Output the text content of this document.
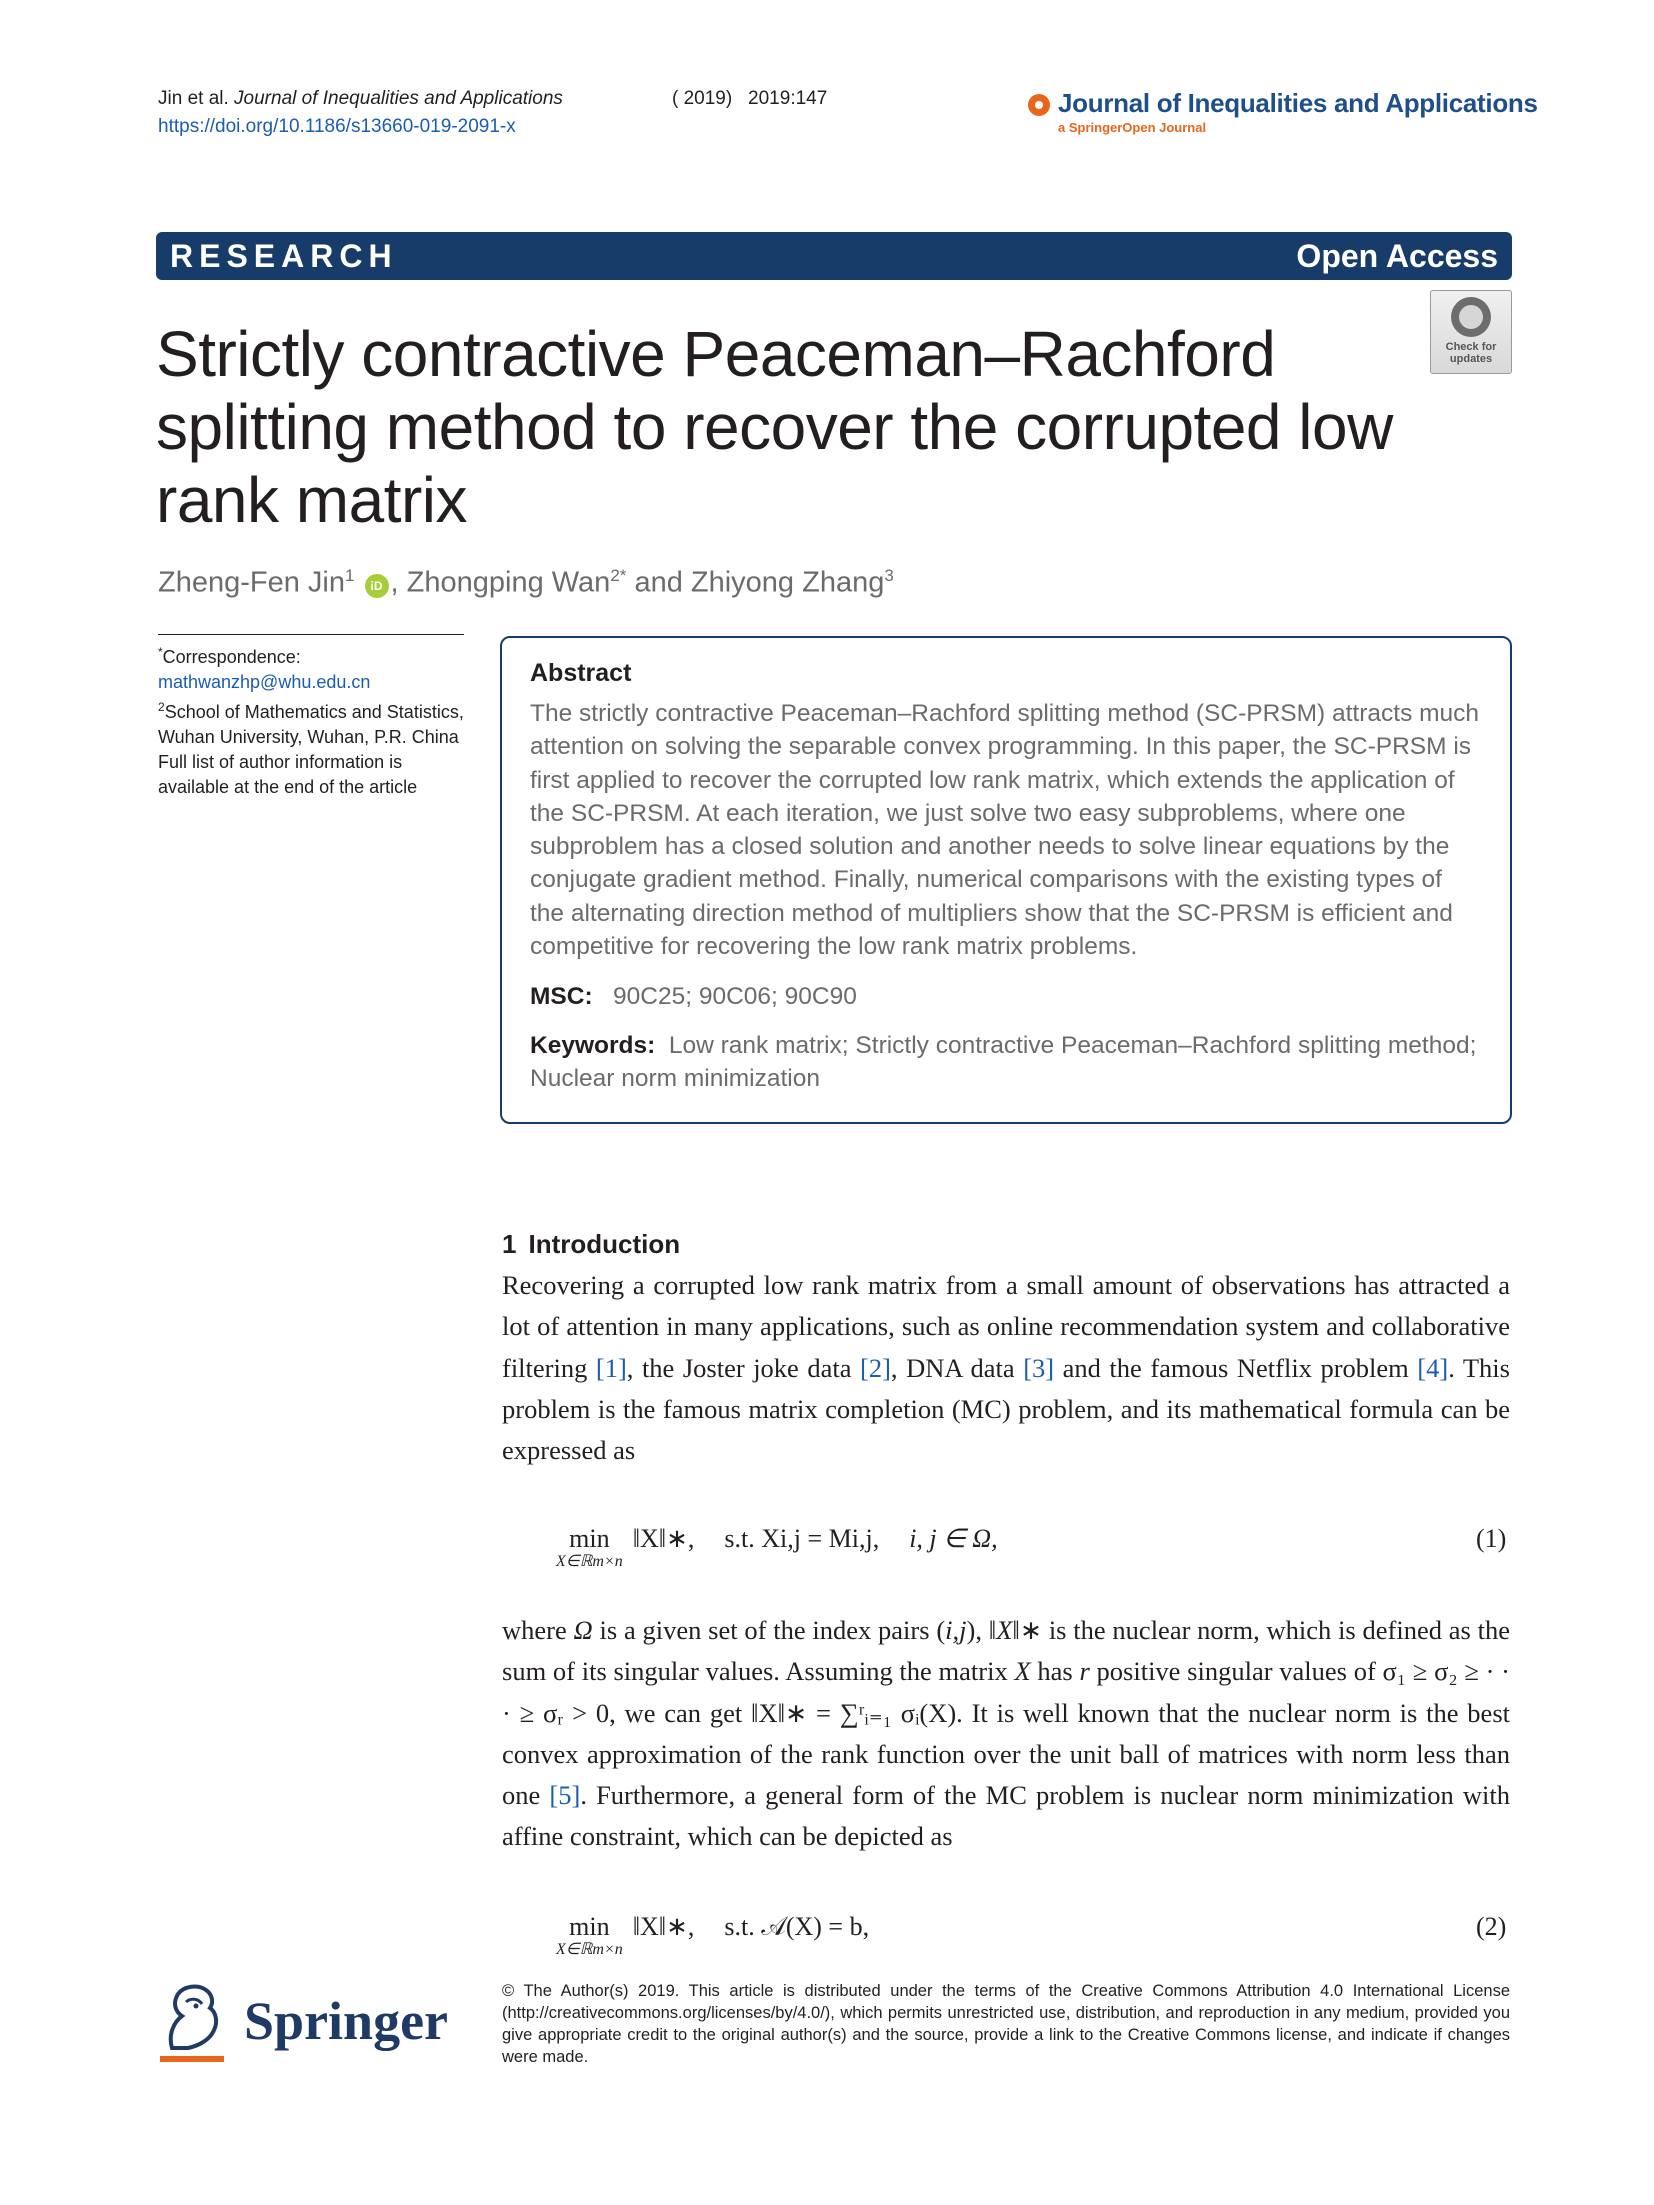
Jin et al. Journal of Inequalities and Applications	( 2019) 2019:147
https://doi.org/10.1186/s13660-019-2091-x
Journal of Inequalities and Applications
a SpringerOpen Journal
RESEARCH	Open Access
Check for
updates
Strictly contractive Peaceman–Rachford splitting method to recover the corrupted low rank matrix
Zheng-Fen Jin$^1$ iD , Zhongping Wan$^{2*}$ and Zhiyong Zhang$^3$
*Correspondence:
mathwanzhp@whu.edu.cn
$^2$School of Mathematics and Statistics, Wuhan University, Wuhan, P.R. China
Full list of author information is available at the end of the article
Abstract
The strictly contractive Peaceman–Rachford splitting method (SC-PRSM) attracts much attention on solving the separable convex programming. In this paper, the SC-PRSM is first applied to recover the corrupted low rank matrix, which extends the application of the SC-PRSM. At each iteration, we just solve two easy subproblems, where one subproblem has a closed solution and another needs to solve linear equations by the conjugate gradient method. Finally, numerical comparisons with the existing types of the alternating direction method of multipliers show that the SC-PRSM is efficient and competitive for recovering the low rank matrix problems.
MSC: 90C25; 90C06; 90C90
Keywords: Low rank matrix; Strictly contractive Peaceman–Rachford splitting method; Nuclear norm minimization
1 Introduction
Recovering a corrupted low rank matrix from a small amount of observations has attracted a lot of attention in many applications, such as online recommendation system and collaborative filtering [1], the Joster joke data [2], DNA data [3] and the famous Netflix problem [4]. This problem is the famous matrix completion (MC) problem, and its mathematical formula can be expressed as
min
X∈ℝm×n
‖X‖∗, s.t. Xi,j = Mi,j, i, j ∈ Ω,	(1)
where Ω is a given set of the index pairs (i,j), ‖X‖∗ is the nuclear norm, which is defined as the sum of its singular values. Assuming the matrix X has r positive singular values of σ₁ ≥ σ₂ ≥ · · · ≥ σᵣ > 0, we can get ‖X‖∗ = ∑ʳᵢ₌₁ σᵢ(X). It is well known that the nuclear norm is the best convex approximation of the rank function over the unit ball of matrices with norm less than one [5]. Furthermore, a general form of the MC problem is nuclear norm minimization with affine constraint, which can be depicted as
min
X∈ℝm×n
‖X‖∗, s.t. 𝒜(X) = b,	(2)
Springer	© The Author(s) 2019. This article is distributed under the terms of the Creative Commons Attribution 4.0 International License (http://creativecommons.org/licenses/by/4.0/), which permits unrestricted use, distribution, and reproduction in any medium, provided you give appropriate credit to the original author(s) and the source, provide a link to the Creative Commons license, and indicate if changes were made.
